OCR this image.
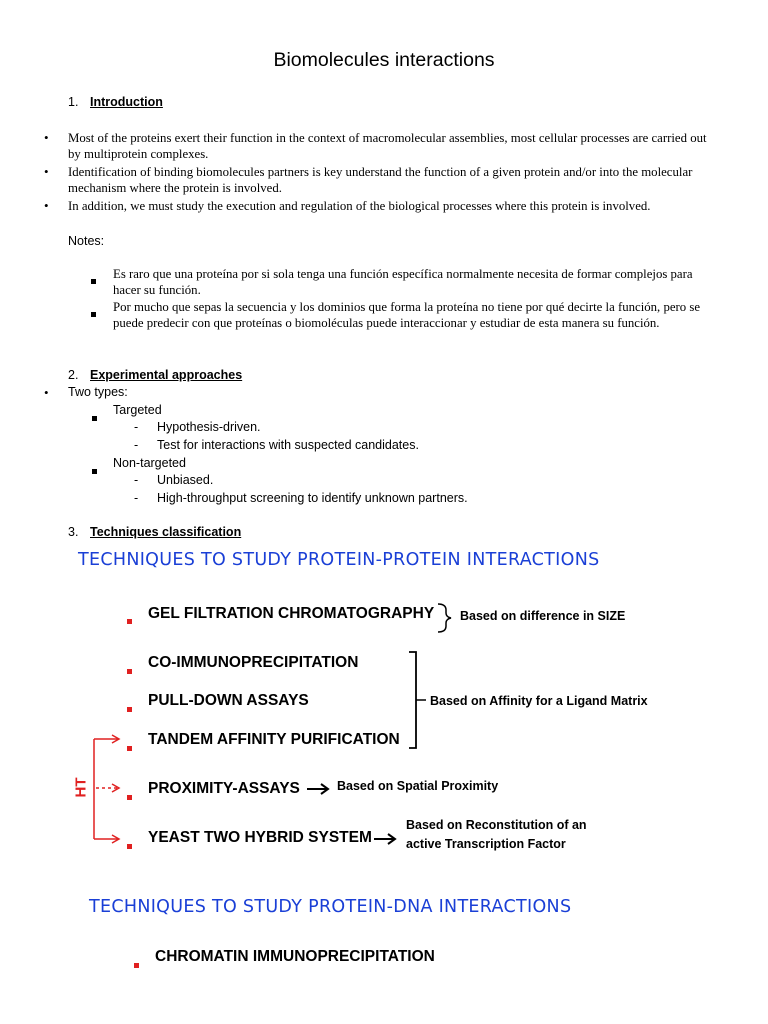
Biomolecules interactions
1. Introduction
• Most of the proteins exert their function in the context of macromolecular assemblies, most cellular processes are carried out by multiprotein complexes.
• Identification of binding biomolecules partners is key understand the function of a given protein and/or into the molecular mechanism where the protein is involved.
• In addition, we must study the execution and regulation of the biological processes where this protein is involved.
Notes:
Es raro que una proteína por si sola tenga una función específica normalmente necesita de formar complejos para hacer su función.
Por mucho que sepas la secuencia y los dominios que forma la proteína no tiene por qué decirte la función, pero se puede predecir con que proteínas o biomoléculas puede interaccionar y estudiar de esta manera su función.
2. Experimental approaches
• Two types:
Targeted
- Hypothesis-driven.
- Test for interactions with suspected candidates.
Non-targeted
- Unbiased.
- High-throughput screening to identify unknown partners.
3. Techniques classification
TECHNIQUES TO STUDY PROTEIN-PROTEIN INTERACTIONS
GEL FILTRATION CHROMATOGRAPHY
CO-IMMUNOPRECIPITATION
PULL-DOWN ASSAYS
TANDEM AFFINITY PURIFICATION
PROXIMITY-ASSAYS
YEAST TWO HYBRID SYSTEM
Based on difference in SIZE
Based on Affinity for a Ligand Matrix
Based on Spatial Proximity
Based on Reconstitution of an
active Transcription Factor
HT
TECHNIQUES TO STUDY PROTEIN-DNA INTERACTIONS
CHROMATIN IMMUNOPRECIPITATION
